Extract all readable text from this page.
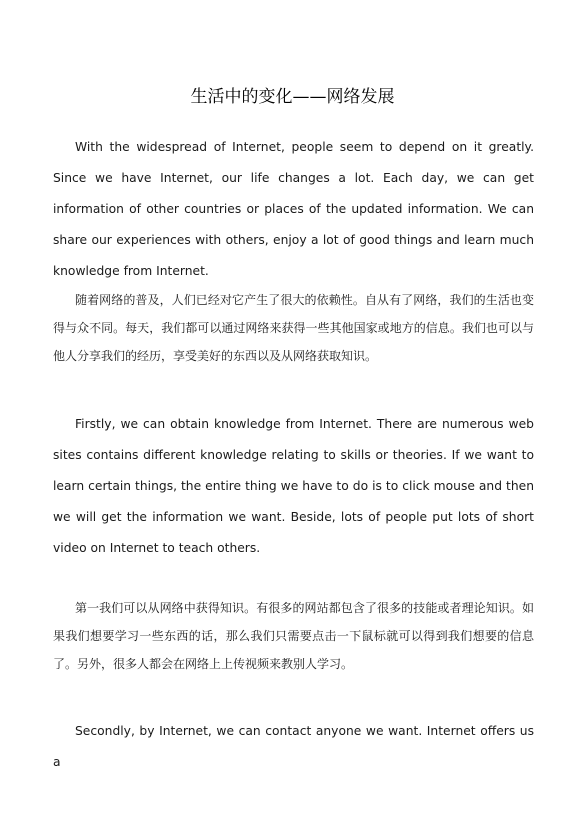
生活中的变化——网络发展

With the widespread of Internet, people seem to depend on it greatly. Since we have Internet, our life changes a lot. Each day, we can get information of other countries or places of the updated information. We can share our experiences with others, enjoy a lot of good things and learn much knowledge from Internet.

随着网络的普及，人们已经对它产生了很大的依赖性。自从有了网络，我们的生活也变得与众不同。每天，我们都可以通过网络来获得一些其他国家或地方的信息。我们也可以与他人分享我们的经历，享受美好的东西以及从网络获取知识。

Firstly, we can obtain knowledge from Internet. There are numerous web sites contains different knowledge relating to skills or theories. If we want to learn certain things, the entire thing we have to do is to click mouse and then we will get the information we want. Beside, lots of people put lots of short video on Internet to teach others.

第一我们可以从网络中获得知识。有很多的网站都包含了很多的技能或者理论知识。如果我们想要学习一些东西的话，那么我们只需要点击一下鼠标就可以得到我们想要的信息了。另外，很多人都会在网络上上传视频来教别人学习。

Secondly, by Internet, we can contact anyone we want. Internet offers us a
